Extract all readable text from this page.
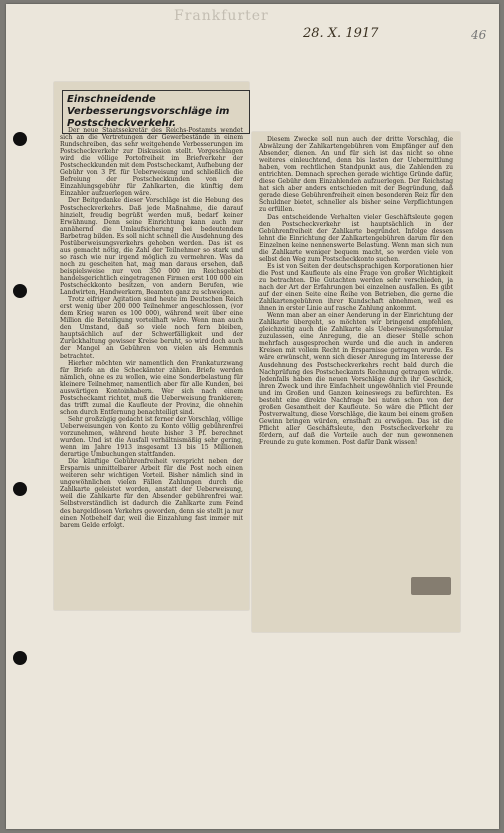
Frankfurter
28. X. 1917	46
Einschneidende Verbesserungsvorschläge im Postscheckverkehr.

Der neue Staatssekretär des Reichs-Postamts wendet sich an die Vertretungen der Gewerbestände in einem Rundschreiben, das sehr weitgehende Verbesserungen im Postscheckverkehr zur Diskussion stellt. Vorgeschlagen wird die völlige Portofreiheit im Briefverkehr der Postscheckkunden mit dem Postscheckamt, Aufhebung der Gebühr von 3 Pf. für Ueberweisung und schließlich die Befreiung der Postscheckkunden von der Einzahlungsgebühr für Zahlkarten, die künftig dem Einzahler aufzuerlegen wäre.

Der Beitgedanke dieser Vorschläge ist die Hebung des Postscheckverkehrs. Daß jede Maßnahme, die darauf hinzielt, freudig begrüßt werden muß, bedarf keiner Erwähnung. Denn seine Einrichtung kann auch nur annähernd die Umlaufsicherung bei bedeutendem Barbetrag bilden. Es soll nicht schnell die Ausdehnung des Postüberweisungsverkehrs gehoben werden. Das ist es aus gemacht nötig, die Zahl der Teilnehmer so stark und so rasch wie nur irgend möglich zu vermehren. Was da noch zu gescheiten hat, mag man daraus ersehen, daß beispielsweise nur von 350 000 im Reichsgebiet handelsgerichtlich eingetragenen Firmen erst 100 000 ein Postscheckkonto besitzen, von andern Berufen, wie Landwirten, Handwerkern, Beamten ganz zu schweigen.

Trotz eifriger Agitation sind heute im Deutschen Reich erst wenig über 200 000 Teilnehmer angeschlossen, (vor dem Krieg waren es 100 000), während weit über eine Million die Beteiligung vorteilhaft wäre. Wenn man auch den Umstand, daß so viele noch fern bleiben, hauptsächlich auf der Schwerfälligkeit und der Zurückhaltung gewisser Kreise beruht, so wird doch auch der Mangel an Gebühren von vielen als Hemmnis betrachtet.

Hierher möchten wir namentlich den Frankaturzwang für Briefe an die Scheckämter zählen. Briefe werden nämlich, ohne es zu wollen, wie eine Sonderbelastung für kleinere Teilnehmer, namentlich aber für alle Kunden, bei auswärtigen Kontoinhabern. Wer sich nach einem Postscheckamt richtet, muß die Ueberweisung frankieren; das trifft zumal die Kaufleute der Provinz, die ohnehin schon durch Entfernung benachteiligt sind.

Sehr großzügig gedacht ist ferner der Vorschlag, völlige Ueberweisungen von Konto zu Konto völlig gebührenfrei vorzunehmen, während heute bisher 3 Pf. berechnet wurden. Und ist die Ausfall verhältnismäßig sehr gering, wenn im Jahre 1913 insgesamt 13 bis 15 Millionen derartige Umbuchungen stattfanden.

Die künftige Gebührenfreiheit verspricht neben der Ersparnis unmittelbarer Arbeit für die Post noch einen weiteren sehr wichtigen Vorteil. Bisher nämlich sind in ungewöhnlichen vielen Fällen Zahlungen durch die Zahlkarte geleistet worden, anstatt der Ueberweisung, weil die Zahlkarte für den Absender gebührenfrei war. Selbstverständlich ist dadurch die Zahlkarte zum Feind des bargeldlosen Verkehrs geworden, denn sie stellt ja nur einen Notbehelf dar, weil die Einzahlung fast immer mit barem Gelde erfolgt.

Diesem Zwecke soll nun auch der dritte Vorschlag, die Abwälzung der Zahlkartengebühren vom Empfänger auf den Absender, dienen. An und für sich ist das nicht so ohne weiteres einleuchtend, denn bis lasten der Uebermittlung haben, vom rechtlichen Standpunkt aus, die Zahlenden zu entrichten. Demnach sprechen gerade wichtige Gründe dafür, diese Gebühr dem Einzahlenden aufzuerlegen. Der Reichstag hat sich aber anders entschieden mit der Begründung, daß gerade diese Gebührenfreiheit einen besonderen Reiz für den Schuldner bietet, schneller als bisher seine Verpflichtungen zu erfüllen.

Das entscheidende Verhalten vieler Geschäftsleute gegen den Postscheckverkehr ist hauptsächlich in der Gebührenfreiheit der Zahlkarte begründet. Infolge dessen lehnt die Einrichtung der Zahlkartengebühren darum für den Einzelnen keine nennenswerte Belastung. Wenn man sich nun die Zahlkarte weniger bequem macht, so werden viele von selbst den Weg zum Postscheckkonto suchen.

Es ist von Seiten der deutschsprachigen Korporationen hier die Post und Kaufleute als eine Frage von großer Wichtigkeit zu betrachten. Die Gutachten werden sehr verschieden, ja nach der Art der Erfahrungen bei einzelnen ausfallen. Es gibt auf der einen Seite eine Reihe von Betrieben, die gerne die Zahlkartengebühren ihrer Kundschaft abnehmen, weil es ihnen in erster Linie auf rasche Zahlung ankommt.

Wenn man aber an einer Aenderung in der Einrichtung der Zahlkarte übergeht, so möchten wir bringend empfehlen, gleichzeitig auch die Zahlkarte als Ueberweisungsformular zuzulassen, eine Anregung, die an dieser Stelle schon mehrfach ausgesprochen wurde und die auch in anderen Kreisen mit vollem Recht in Ersparnisse getragen wurde. Es wäre erwünscht, wenn sich dieser Anregung im Interesse der Ausdehnung des Postscheckverkehrs recht bald durch die Nachprüfung des Postscheckamts Rechnung getragen würde. Jedenfalls haben die neuen Vorschläge durch ihr Geschick, ihren Zweck und ihre Einfachheit ungewöhnlich viel Freunde und im Großen und Ganzen keineswegs zu befürchten. Es besteht eine direkte Nachfrage bei nuten schon von der großen Gesamtheit der Kaufleute. So wäre die Pflicht der Postverwaltung, diese Vorschläge, die kaum bei einem großen Gewinn bringen würden, ernsthaft zu erwägen. Das ist die Pflicht aller Geschäftsleute, den Postscheckverkehr zu fördern, auf daß die Vorteile auch der nun gewonnenen Freunde zu gute kommen. Post dafür Dank wissen!
